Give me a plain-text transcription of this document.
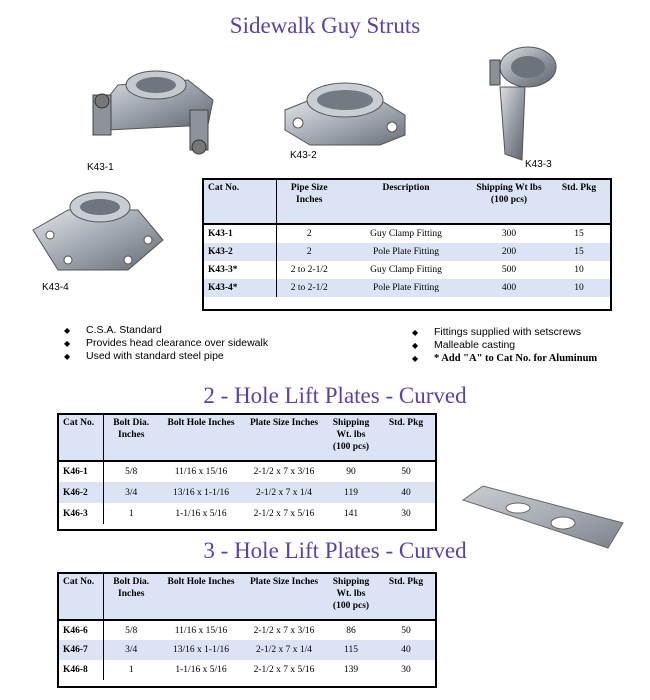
Sidewalk Guy Struts
2 - Hole Lift Plates - Curved
3 - Hole Lift Plates - Curved
K43-1
K43-2
K43-3
K43-4
Cat No.	Pipe Size Inches	Description	Shipping Wt lbs (100 pcs)	Std. Pkg
K43-1	2	Guy Clamp Fitting	300	15
K43-2	2	Pole Plate Fitting	200	15
K43-3*	2 to 2-1/2	Guy Clamp Fitting	500	10
K43-4*	2 to 2-1/2	Pole Plate Fitting	400	10
◆ C.S.A. Standard
◆ Provides head clearance over sidewalk
◆ Used with standard steel pipe
◆ Fittings supplied with setscrews
◆ Malleable casting
◆ * Add "A" to Cat No. for Aluminum
Cat No.	Bolt Dia. Inches	Bolt Hole Inches	Plate Size Inches	Shipping Wt. lbs (100 pcs)	Std. Pkg
K46-1	5/8	11/16 x 15/16	2-1/2 x 7 x 3/16	90	50
K46-2	3/4	13/16 x 1-1/16	2-1/2 x 7 x 1/4	119	40
K46-3	1	1-1/16 x 5/16	2-1/2 x 7 x 5/16	141	30
Cat No.	Bolt Dia. Inches	Bolt Hole Inches	Plate Size Inches	Shipping Wt. lbs (100 pcs)	Std. Pkg
K46-6	5/8	11/16 x 15/16	2-1/2 x 7 x 3/16	86	50
K46-7	3/4	13/16 x 1-1/16	2-1/2 x 7 x 1/4	115	40
K46-8	1	1-1/16 x 5/16	2-1/2 x 7 x 5/16	139	30
